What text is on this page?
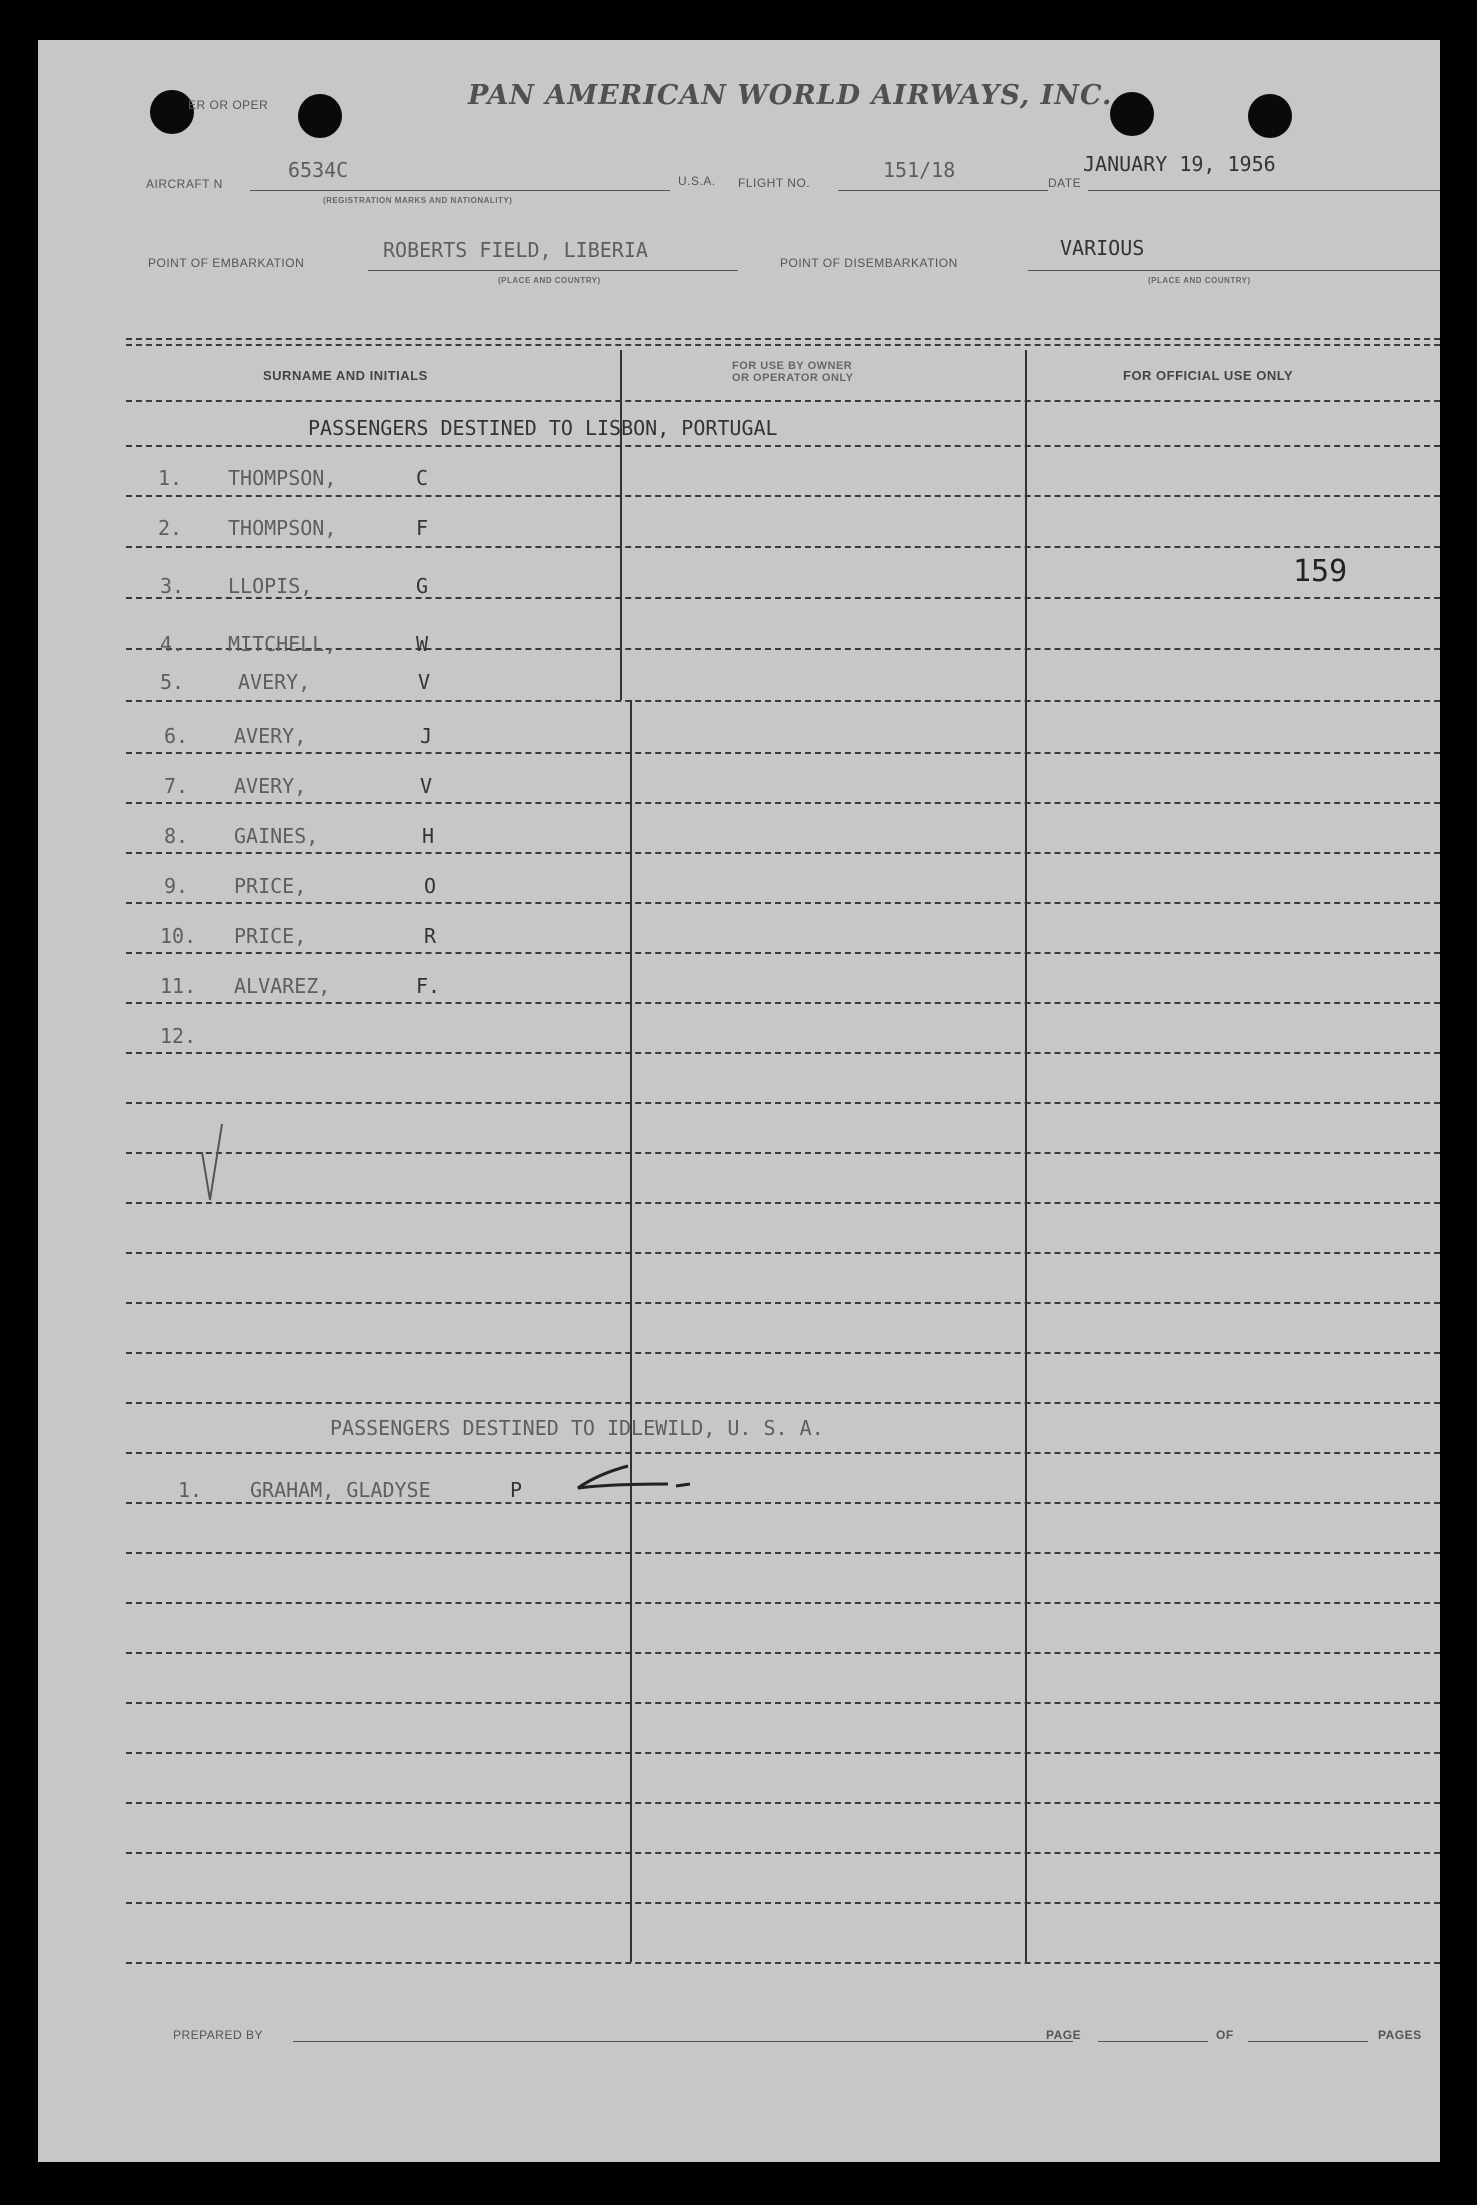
ER OR OPER	PAN AMERICAN WORLD AIRWAYS, INC.
AIRCRAFT N
6534C
(REGISTRATION MARKS AND NATIONALITY)
U.S.A. FLIGHT NO.
151/18
DATE
JANUARY 19, 1956
POINT OF EMBARKATION
ROBERTS FIELD, LIBERIA
(PLACE AND COUNTRY)
POINT OF DISEMBARKATION
VARIOUS
(PLACE AND COUNTRY)
SURNAME AND INITIALS
FOR USE BY OWNER
OR OPERATOR ONLY	FOR OFFICIAL USE ONLY
PASSENGERS DESTINED TO LISBON, PORTUGAL
1. THOMPSON,	C
2. THOMPSON,	F
3. LLOPIS,	G	159
4. MITCHELL,	W
5.	AVERY,	V
6. AVERY,	J
7. AVERY,	V
8. GAINES,	H
9. PRICE,	O
10. PRICE,	R
11. ALVAREZ,	F.
12.
PASSENGERS DESTINED TO IDLEWILD, U. S. A.
1. GRAHAM, GLADYSE	P
PREPARED BY	PAGE	OF	PAGES
